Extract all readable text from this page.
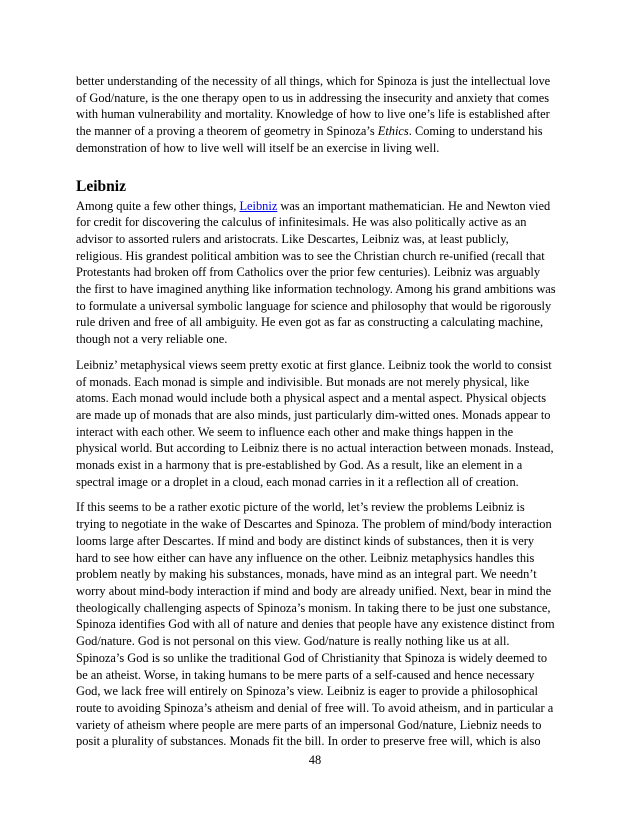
better understanding of the necessity of all things, which for Spinoza is just the intellectual love of God/nature, is the one therapy open to us in addressing the insecurity and anxiety that comes with human vulnerability and mortality. Knowledge of how to live one’s life is established after the manner of a proving a theorem of geometry in Spinoza’s Ethics. Coming to understand his demonstration of how to live well will itself be an exercise in living well.

Leibniz

Among quite a few other things, Leibniz was an important mathematician. He and Newton vied for credit for discovering the calculus of infinitesimals. He was also politically active as an advisor to assorted rulers and aristocrats. Like Descartes, Leibniz was, at least publicly, religious. His grandest political ambition was to see the Christian church re-unified (recall that Protestants had broken off from Catholics over the prior few centuries). Leibniz was arguably the first to have imagined anything like information technology. Among his grand ambitions was to formulate a universal symbolic language for science and philosophy that would be rigorously rule driven and free of all ambiguity. He even got as far as constructing a calculating machine, though not a very reliable one.

Leibniz’ metaphysical views seem pretty exotic at first glance. Leibniz took the world to consist of monads. Each monad is simple and indivisible. But monads are not merely physical, like atoms. Each monad would include both a physical aspect and a mental aspect. Physical objects are made up of monads that are also minds, just particularly dim-witted ones. Monads appear to interact with each other. We seem to influence each other and make things happen in the physical world. But according to Leibniz there is no actual interaction between monads. Instead, monads exist in a harmony that is pre-established by God. As a result, like an element in a spectral image or a droplet in a cloud, each monad carries in it a reflection all of creation.

If this seems to be a rather exotic picture of the world, let’s review the problems Leibniz is trying to negotiate in the wake of Descartes and Spinoza. The problem of mind/body interaction looms large after Descartes. If mind and body are distinct kinds of substances, then it is very hard to see how either can have any influence on the other. Leibniz metaphysics handles this problem neatly by making his substances, monads, have mind as an integral part. We needn’t worry about mind-body interaction if mind and body are already unified. Next, bear in mind the theologically challenging aspects of Spinoza’s monism. In taking there to be just one substance, Spinoza identifies God with all of nature and denies that people have any existence distinct from God/nature. God is not personal on this view. God/nature is really nothing like us at all. Spinoza’s God is so unlike the traditional God of Christianity that Spinoza is widely deemed to be an atheist. Worse, in taking humans to be mere parts of a self-caused and hence necessary God, we lack free will entirely on Spinoza’s view. Leibniz is eager to provide a philosophical route to avoiding Spinoza’s atheism and denial of free will. To avoid atheism, and in particular a variety of atheism where people are mere parts of an impersonal God/nature, Liebniz needs to posit a plurality of substances. Monads fit the bill. In order to preserve free will, which is also

48
